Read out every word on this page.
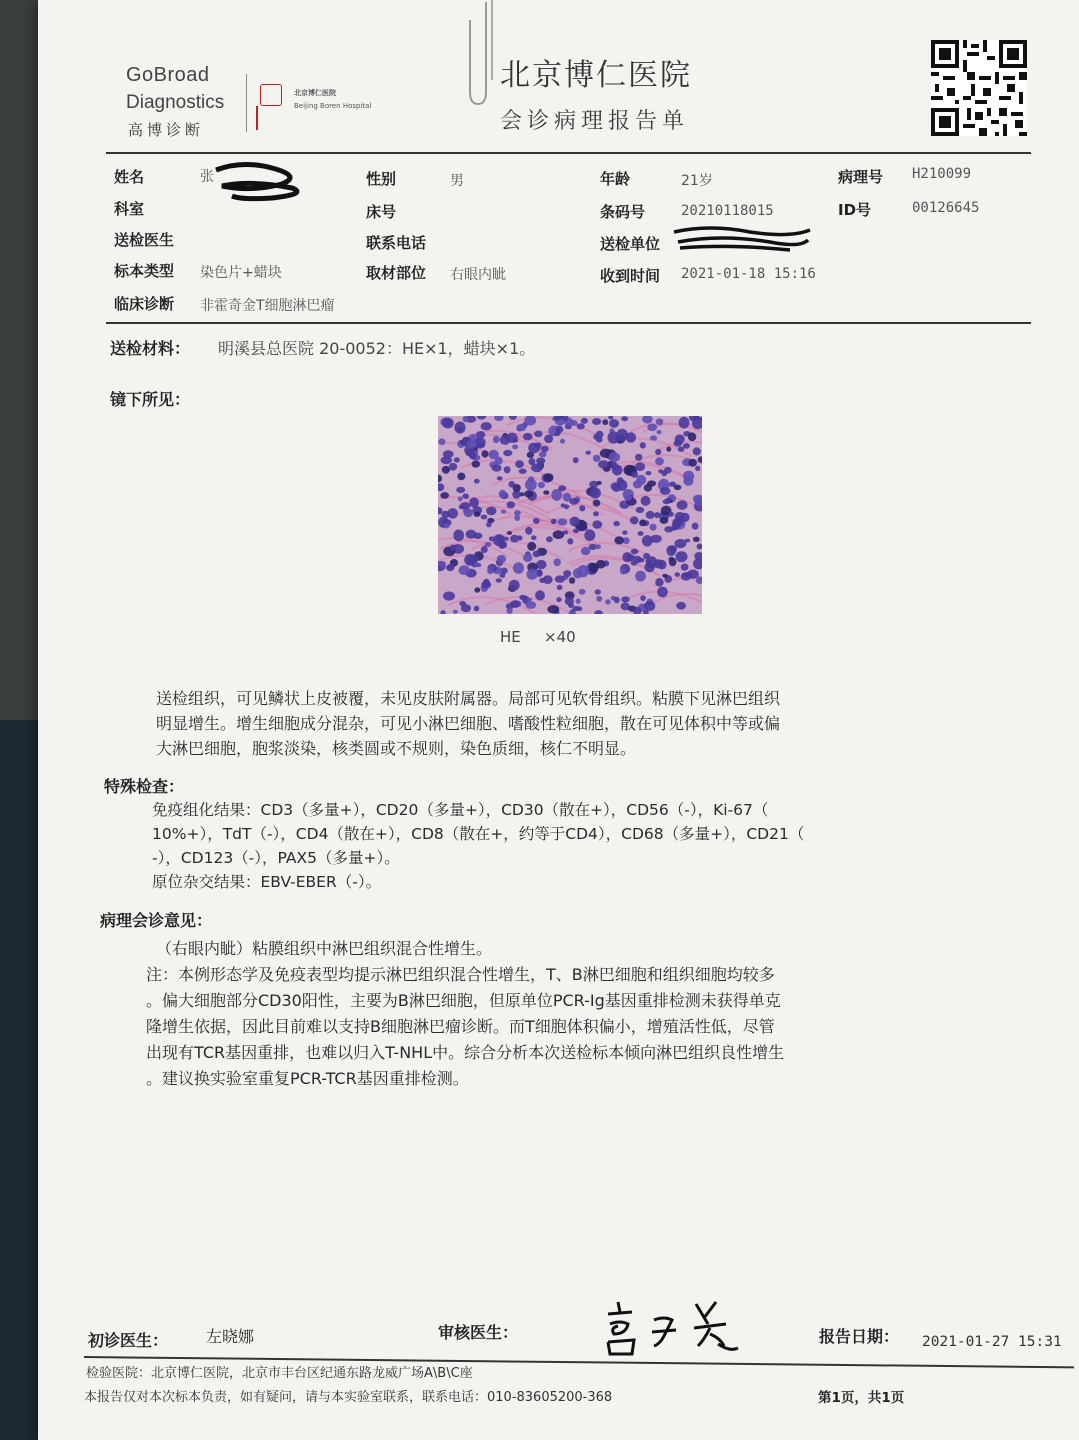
GoBroad
Diagnostics
高博诊断
北京博仁医院
Beijing Boren Hospital
北京博仁医院
会诊病理报告单
姓名	张	性别	男	年龄	21岁	病理号 H210099
科室	床号	条码号	20210118015	ID号	00126645
送检医生	联系电话	送检单位
标本类型 染色片+蜡块	取材部位 右眼内眦	收到时间 2021-01-18 15:16
临床诊断 非霍奇金T细胞淋巴瘤
送检材料： 明溪县总医院 20-0052：HE×1，蜡块×1。
镜下所见：
HE ×40
送检组织，可见鳞状上皮被覆，未见皮肤附属器。局部可见软骨组织。粘膜下见淋巴组织
明显增生。增生细胞成分混杂，可见小淋巴细胞、嗜酸性粒细胞，散在可见体积中等或偏
大淋巴细胞，胞浆淡染，核类圆或不规则，染色质细，核仁不明显。
特殊检查：
免疫组化结果：CD3（多量+），CD20（多量+），CD30（散在+），CD56（-），Ki-67（
10%+），TdT（-），CD4（散在+），CD8（散在+，约等于CD4），CD68（多量+），CD21（
-），CD123（-），PAX5（多量+）。
原位杂交结果：EBV-EBER（-）。
病理会诊意见：
（右眼内眦）粘膜组织中淋巴组织混合性增生。
注：本例形态学及免疫表型均提示淋巴组织混合性增生，T、B淋巴细胞和组织细胞均较多
。偏大细胞部分CD30阳性，主要为B淋巴细胞，但原单位PCR-Ig基因重排检测未获得单克
隆增生依据，因此目前难以支持B细胞淋巴瘤诊断。而T细胞体积偏小，增殖活性低，尽管
出现有TCR基因重排，也难以归入T-NHL中。综合分析本次送检标本倾向淋巴组织良性增生
。建议换实验室重复PCR-TCR基因重排检测。
初诊医生： 左晓娜	审核医生：
高子芳
报告日期： 2021-01-27 15:31
检验医院：北京博仁医院，北京市丰台区纪通东路龙威广场A\B\C座
本报告仅对本次标本负责，如有疑问，请与本实验室联系，联系电话：010-83605200-368	第1页，共1页
